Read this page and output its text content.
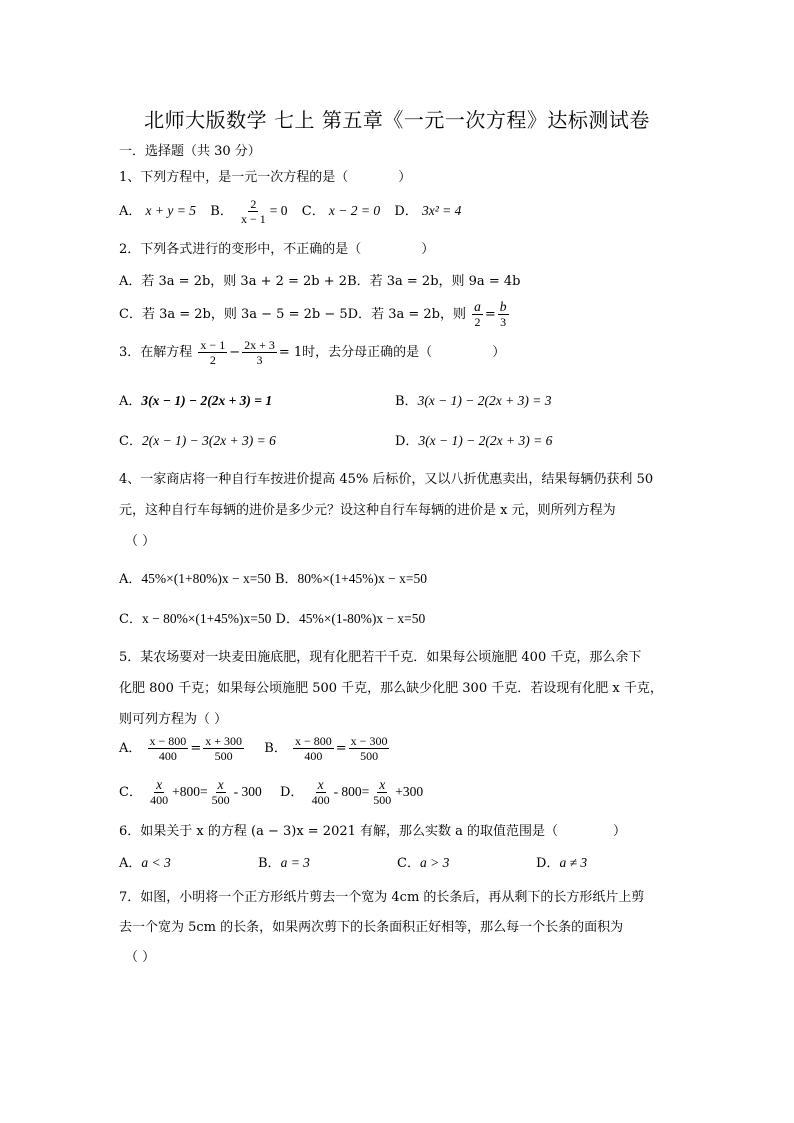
北师大版数学 七上 第五章《一元一次方程》达标测试卷
一．选择题（共 30 分）
1、下列方程中，是一元一次方程的是（	）
A． x + y = 5 B． $\frac{2}{x - 1} = 0$ C． x − 2 = 0 D． 3x² = 4
2．下列各式进行的变形中，不正确的是（	）
A．若 3a = 2b，则 3a + 2 = 2b + 2B．若 3a = 2b，则 9a = 4b
C．若 3a = 2b，则 3a − 5 = 2b − 5D．若 3a = 2b，则 $\frac{a}{2} = \frac{b}{3}$
3．在解方程 $\frac{x - 1}{2} - \frac{2x + 3}{3} = 1$时，去分母正确的是（	）
A．3(x − 1) − 2(2x + 3) = 1	B．3(x − 1) − 2(2x + 3) = 3
C．2(x − 1) − 3(2x + 3) = 6	D．3(x − 1) − 2(2x + 3) = 6
4、一家商店将一种自行车按进价提高 45% 后标价，又以八折优惠卖出，结果每辆仍获利 50
元，这种自行车每辆的进价是多少元？设这种自行车每辆的进价是 x 元，则所列方程为
（ ）
A．45%×(1+80%)x − x=50 B．80%×(1+45%)x − x=50
C．x − 80%×(1+45%)x=50 D．45%×(1-80%)x − x=50
5．某农场要对一块麦田施底肥，现有化肥若干千克．如果每公顷施肥 400 千克，那么余下
化肥 800 千克；如果每公顷施肥 500 千克，那么缺少化肥 300 千克．若设现有化肥 x 千克，
则可列方程为（ ）
A． $\frac{x - 800}{400} = \frac{x + 300}{500}$ B． $\frac{x - 800}{400} = \frac{x - 300}{500}$
C． $\frac{x}{400} +800= \frac{x}{500} - 300$ D． $\frac{x}{400} - 800= \frac{x}{500} +300$
6．如果关于 x 的方程 (a − 3)x = 2021 有解，那么实数 a 的取值范围是（	）
A．a < 3	B．a = 3	C．a > 3	D．a ≠ 3
7．如图，小明将一个正方形纸片剪去一个宽为 4cm 的长条后，再从剩下的长方形纸片上剪
去一个宽为 5cm 的长条，如果两次剪下的长条面积正好相等，那么每一个长条的面积为
（ ）
